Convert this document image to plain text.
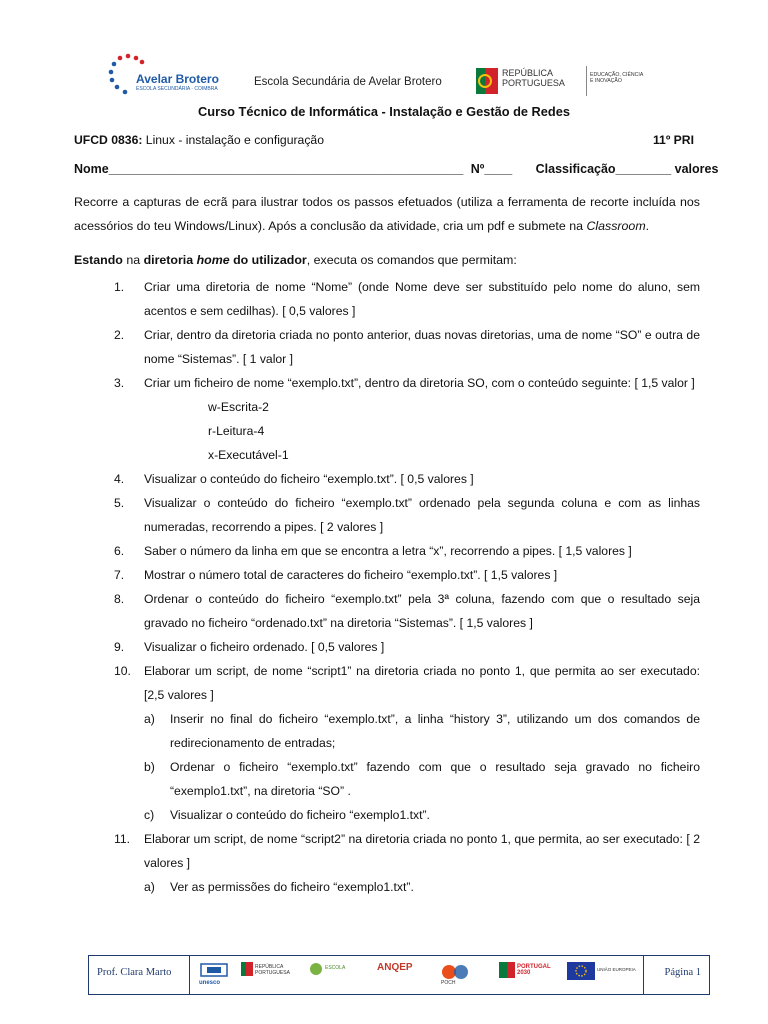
Avelar Brotero
ESCOLA SECUNDÁRIA · COIMBRA
Escola Secundária de Avelar Brotero
REPÚBLICA
PORTUGUESA
EDUCAÇÃO, CIÊNCIA
E INOVAÇÃO
Curso Técnico de Informática - Instalação e Gestão de Redes
UFCD 0836: Linux - instalação e configuração	11º PRI
Nome___________________________________________________ Nº____ Classificação________ valores
Recorre a capturas de ecrã para ilustrar todos os passos efetuados (utiliza a ferramenta de recorte incluída nos acessórios do teu Windows/Linux). Após a conclusão da atividade, cria um pdf e submete na Classroom.
Estando na diretoria home do utilizador, executa os comandos que permitam:
1.	Criar uma diretoria de nome “Nome” (onde Nome deve ser substituído pelo nome do aluno, sem acentos e sem cedilhas). [ 0,5 valores ]
2.	Criar, dentro da diretoria criada no ponto anterior, duas novas diretorias, uma de nome “SO” e outra de nome “Sistemas”. [ 1 valor ]
3.	Criar um ficheiro de nome “exemplo.txt”, dentro da diretoria SO, com o conteúdo seguinte: [ 1,5 valor ]
w-Escrita-2
r-Leitura-4
x-Executável-1
4.	Visualizar o conteúdo do ficheiro “exemplo.txt”. [ 0,5 valores ]
5.	Visualizar o conteúdo do ficheiro “exemplo.txt” ordenado pela segunda coluna e com as linhas numeradas, recorrendo a pipes. [ 2 valores ]
6.	Saber o número da linha em que se encontra a letra “x”, recorrendo a pipes. [ 1,5 valores ]
7.	Mostrar o número total de caracteres do ficheiro “exemplo.txt”. [ 1,5 valores ]
8.	Ordenar o conteúdo do ficheiro “exemplo.txt” pela 3ª coluna, fazendo com que o resultado seja gravado no ficheiro “ordenado.txt” na diretoria “Sistemas”. [ 1,5 valores ]
9.	Visualizar o ficheiro ordenado. [ 0,5 valores ]
10.	Elaborar um script, de nome “script1” na diretoria criada no ponto 1, que permita ao ser executado: [2,5 valores ]
a) Inserir no final do ficheiro “exemplo.txt”, a linha “history 3”, utilizando um dos comandos de redirecionamento de entradas;
b) Ordenar o ficheiro “exemplo.txt” fazendo com que o resultado seja gravado no ficheiro “exemplo1.txt”, na diretoria “SO” .
c) Visualizar o conteúdo do ficheiro “exemplo1.txt”.
11.	Elaborar um script, de nome “script2” na diretoria criada no ponto 1, que permita, ao ser executado: [ 2 valores ]
a) Ver as permissões do ficheiro “exemplo1.txt”.
Prof. Clara Marto
unesco
REPÚBLICA PORTUGUESA
ESCOLA	ANQEP
POCH
PORTUGAL 2030
UNIÃO EUROPEIA	Página 1
